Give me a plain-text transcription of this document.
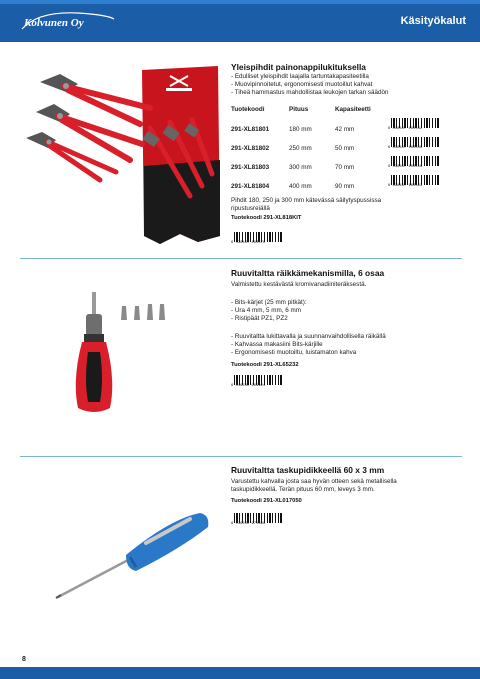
Kolvunen Oy	Käsityökalut
Yleispihdit painonappilukituksella
- Edulliset yleispihdit laajalla tartuntakapasiteetilla
- Muovipinnoitetut, ergonomisesti muotoillut kahvat
- Tiheä hammastus mahdollistaa leukojen tarkan säädön
Tuotekoodi	Pituus	Kapasiteetti
291-XL81801	180 mm	42 mm
291-XL81802	250 mm	50 mm
291-XL81803	300 mm	70 mm
291-XL81804	400 mm	90 mm
6 438437 160532
6 438437 160549
6 438437 160556
6 438437 160563
Pihdit 180, 250 ja 300 mm kätevässä säilytyspussissa
ripustusreiällä
Tuotekoodi 291-XL818KIT
6 438437 160570
Ruuvitaltta räikkämekanismilla, 6 osaa
Valmistettu kestävästä kromivanadiiniteräksestä.
- Bits-kärjet (25 mm pitkät):
- Ura 4 mm, 5 mm, 6 mm
- Ristipäät PZ1, PZ2
- Ruuvitaltta lukittavalla ja suunnanvaihdollisella räikällä
- Kahvassa makasiini Bits-kärjille
- Ergonomisesti muotoiltu, luistamaton kahva
Tuotekoodi 291-XL65232
6 416240 969924
Ruuvitaltta taskupidikkeellä 60 x 3 mm
Varustettu kahvalla josta saa hyvän otteen sekä metallisella
taskupidikkeellä. Terän pituus 60 mm, leveys 3 mm.
Tuotekoodi 291-XL017050
6 416240 971699
8
